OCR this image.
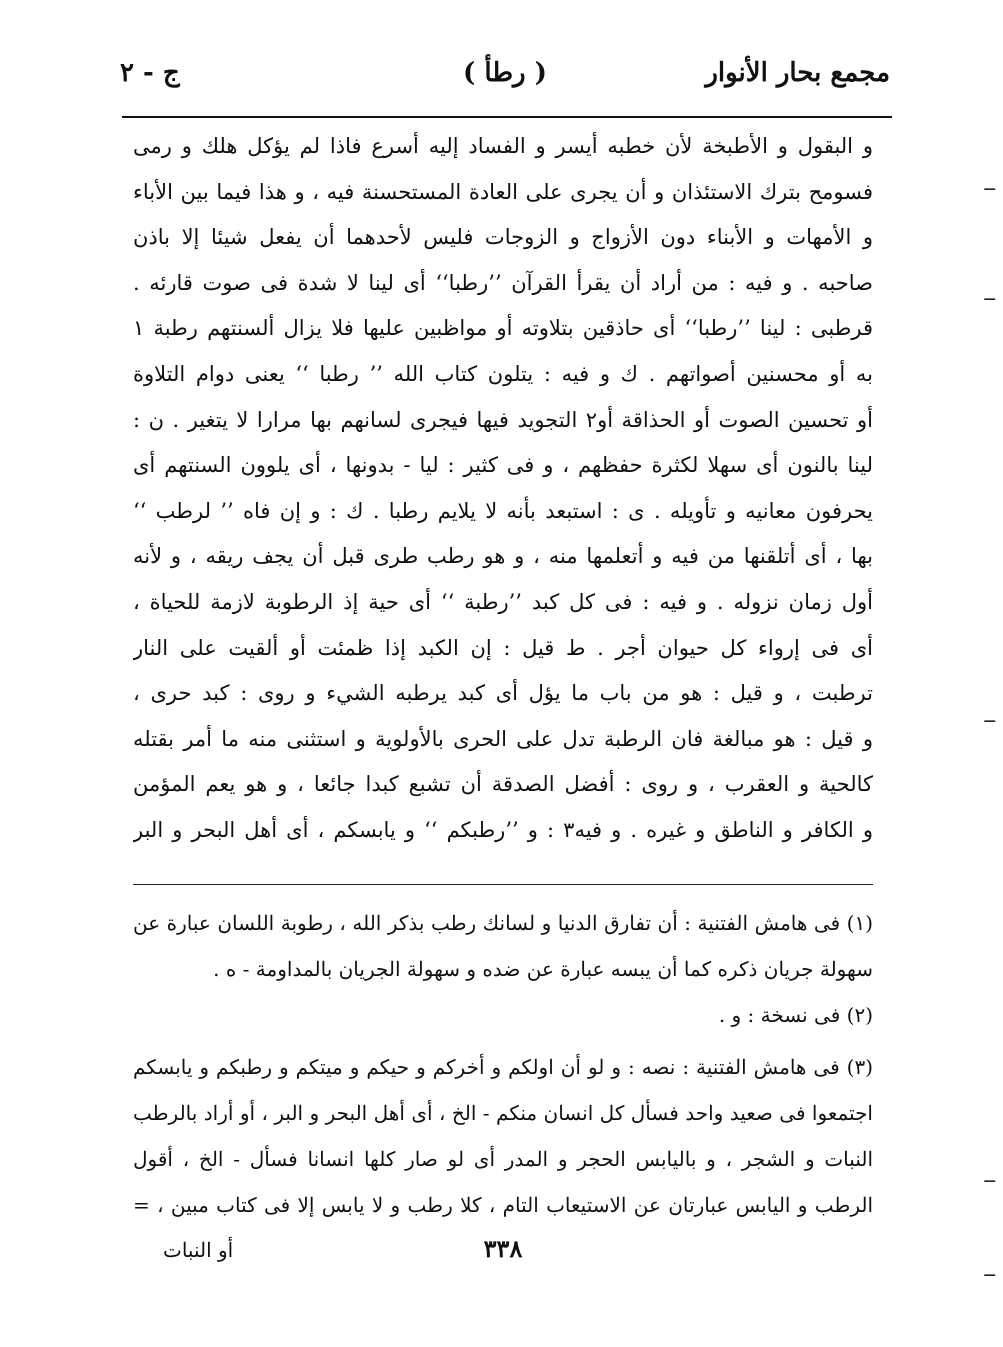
مجمع بحار الأنوار
( رطأ )
ج - ٢
و البقول و الأطبخة لأن خطبه أيسر و الفساد إليه أسرع فاذا لم يؤكل هلك و رمى
فسومح بترك الاستئذان و أن يجرى على العادة المستحسنة فيه ، و هذا فيما بين الأباء
و الأمهات و الأبناء دون الأزواج و الزوجات فليس لأحدهما أن يفعل شيئا إلا باذن
صاحبه . و فيه : من أراد أن يقرأ القرآن ’’رطبا‘‘ أى لينا لا شدة فى صوت قارئه .
قرطبى : لينا ’’رطبا‘‘ أى حاذقين بتلاوته أو مواظبين عليها فلا يزال ألسنتهم رطبة ١
به أو محسنين أصواتهم . ك و فيه : يتلون كتاب الله ’’ رطبا ‘‘ يعنى دوام التلاوة
أو تحسين الصوت أو الحذاقة أو٢ التجويد فيها فيجرى لسانهم بها مرارا لا يتغير . ن :
لينا بالنون أى سهلا لكثرة حفظهم ، و فى كثير : ليا - بدونها ، أى يلوون السنتهم أى
يحرفون معانيه و تأويله . ى : استبعد بأنه لا يلايم رطبا . ك : و إن فاه ’’ لرطب ‘‘
بها ، أى أتلقنها من فيه و أتعلمها منه ، و هو رطب طرى قبل أن يجف ريقه ، و لأنه
أول زمان نزوله . و فيه : فى كل كبد ’’رطبة ‘‘ أى حية إذ الرطوبة لازمة للحياة ،
أى فى إرواء كل حيوان أجر . ط قيل : إن الكبد إذا ظمئت أو ألقيت على النار
ترطبت ، و قيل : هو من باب ما يؤل أى كبد يرطبه الشيء و روى : كبد حرى ،
و قيل : هو مبالغة فان الرطبة تدل على الحرى بالأولوية و استثنى منه ما أمر بقتله
كالحية و العقرب ، و روى : أفضل الصدقة أن تشبع كبدا جائعا ، و هو يعم المؤمن
و الكافر و الناطق و غيره . و فيه٣ : و ’’رطبكم ‘‘ و يابسكم ، أى أهل البحر و البر
(١) فى هامش الفتنية : أن تفارق الدنيا و لسانك رطب بذكر الله ، رطوبة اللسان عبارة عن
سهولة جريان ذكره كما أن يبسه عبارة عن ضده و سهولة الجريان بالمداومة - ه .
(٢) فى نسخة : و .
(٣) فى هامش الفتنية : نصه : و لو أن اولكم و أخركم و حيكم و ميتكم و رطبكم و يابسكم
اجتمعوا فى صعيد واحد فسأل كل انسان منكم - الخ ، أى أهل البحر و البر ، أو أراد بالرطب
النبات و الشجر ، و باليابس الحجر و المدر أى لو صار كلها انسانا فسأل - الخ ، أقول
الرطب و اليابس عبارتان عن الاستيعاب التام ، كلا رطب و لا يابس إلا فى كتاب مبين ، =
٣٣٨
أو النبات
ـ‍ـ
ـ‍ـ
ـ‍ـ
ـ‍ـ
ـ‍ـ
